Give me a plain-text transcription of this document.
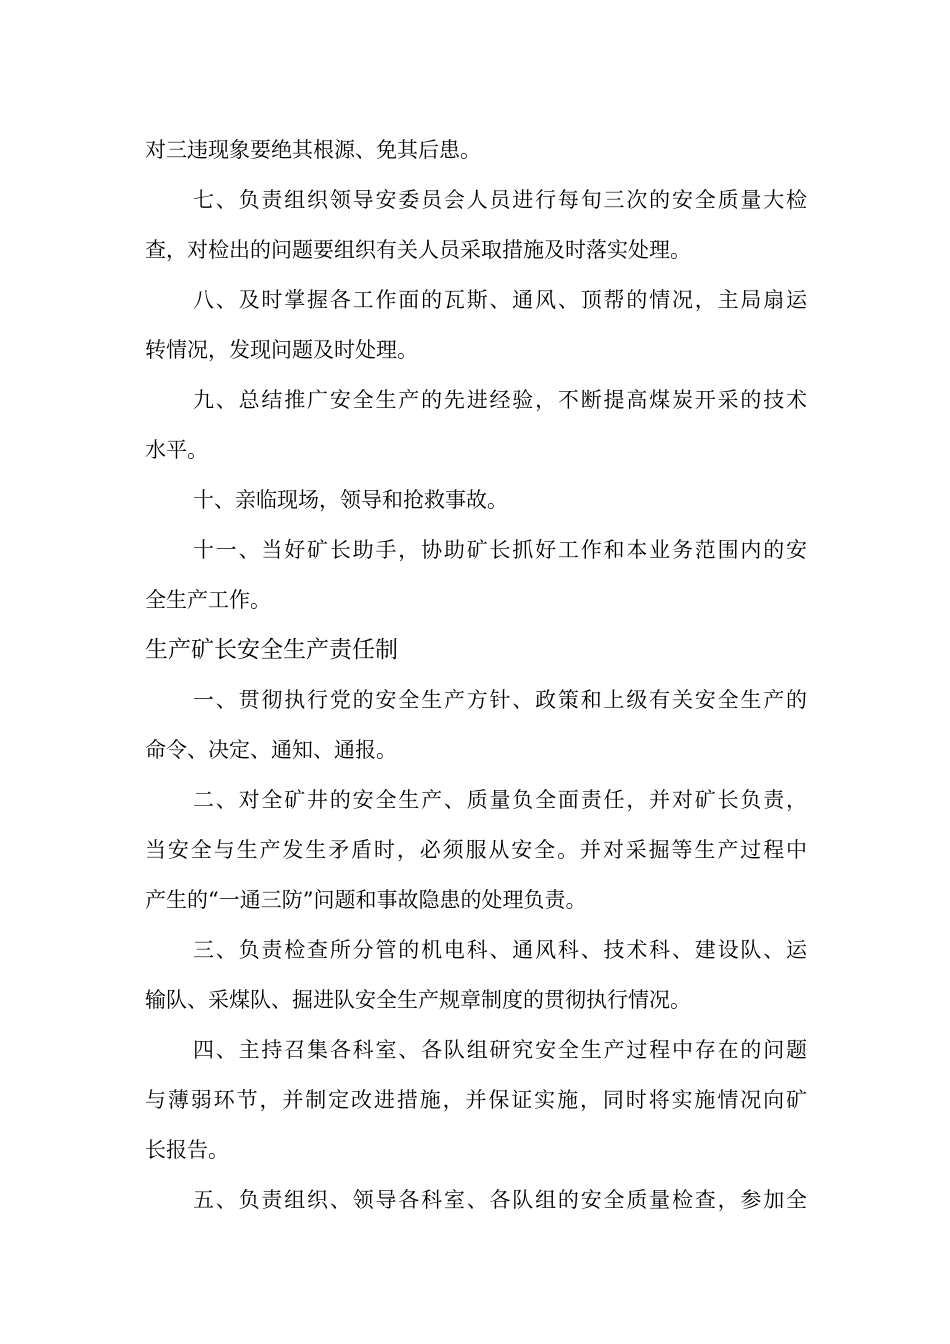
对三违现象要绝其根源、免其后患。
七、负责组织领导安委员会人员进行每旬三次的安全质量大检
查，对检出的问题要组织有关人员采取措施及时落实处理。
八、及时掌握各工作面的瓦斯、通风、顶帮的情况，主局扇运
转情况，发现问题及时处理。
九、总结推广安全生产的先进经验，不断提高煤炭开采的技术
水平。
十、亲临现场，领导和抢救事故。
十一、当好矿长助手，协助矿长抓好工作和本业务范围内的安
全生产工作。
生产矿长安全生产责任制
一、贯彻执行党的安全生产方针、政策和上级有关安全生产的
命令、决定、通知、通报。
二、对全矿井的安全生产、质量负全面责任，并对矿长负责，
当安全与生产发生矛盾时，必须服从安全。并对采掘等生产过程中
产生的“一通三防”问题和事故隐患的处理负责。
三、负责检查所分管的机电科、通风科、技术科、建设队、运
输队、采煤队、掘进队安全生产规章制度的贯彻执行情况。
四、主持召集各科室、各队组研究安全生产过程中存在的问题
与薄弱环节，并制定改进措施，并保证实施，同时将实施情况向矿
长报告。
五、负责组织、领导各科室、各队组的安全质量检查，参加全
